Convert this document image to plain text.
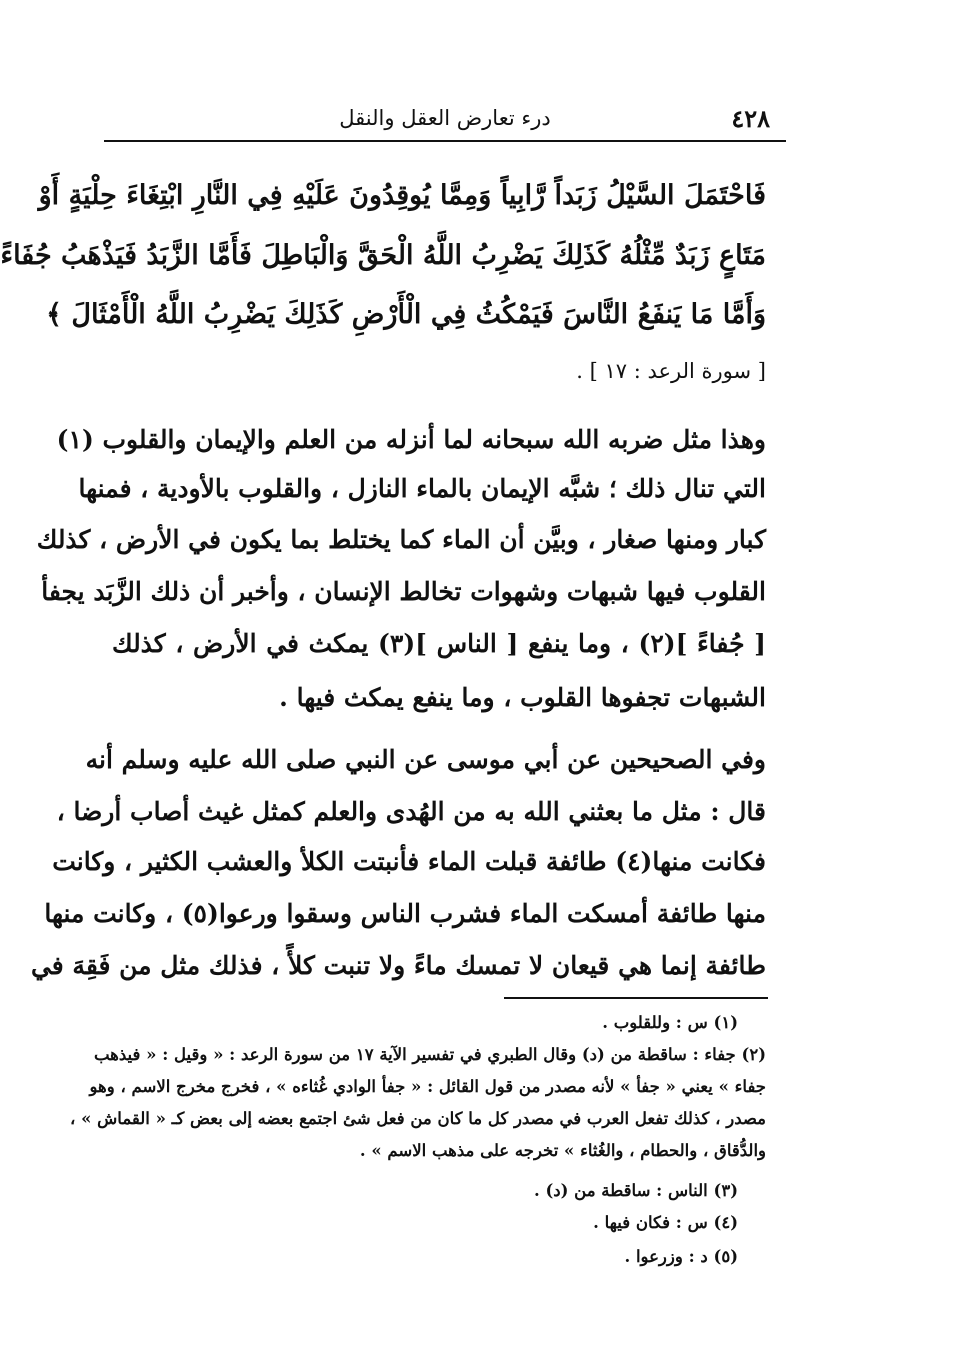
٤٢٨
درء تعارض العقل والنقل
فَاحْتَمَلَ السَّيْلُ زَبَداً رَّابِياً وَمِمَّا يُوقِدُونَ عَلَيْهِ فِي النَّارِ ابْتِغَاءَ حِلْيَةٍ أَوْ
مَتَاعٍ زَبَدٌ مِّثْلُهُ كَذَلِكَ يَضْرِبُ اللَّهُ الْحَقَّ وَالْبَاطِلَ فَأَمَّا الزَّبَدُ فَيَذْهَبُ جُفَاءً
وَأَمَّا مَا يَنفَعُ النَّاسَ فَيَمْكُثُ فِي الْأَرْضِ كَذَلِكَ يَضْرِبُ اللَّهُ الْأَمْثَالَ ﴾
[ سورة الرعد : ١٧ ] .
وهذا مثل ضربه الله سبحانه لما أنزله من العلم والإيمان والقلوب (١)
التي تنال ذلك ؛ شبَّه الإيمان بالماء النازل ، والقلوب بالأودية ، فمنها
كبار ومنها صغار ، وبيَّن أن الماء كما يختلط بما يكون في الأرض ، كذلك
القلوب فيها شبهات وشهوات تخالط الإنسان ، وأخبر أن ذلك الزَّبَد يجفأ
[ جُفاءً ](٢) ، وما ينفع [ الناس ](٣) يمكث في الأرض ، كذلك
الشبهات تجفوها القلوب ، وما ينفع يمكث فيها .
وفي الصحيحين عن أبي موسى عن النبي صلى الله عليه وسلم أنه
قال : مثل ما بعثني الله به من الهُدى والعلم كمثل غيث أصاب أرضا ،
فكانت منها(٤) طائفة قبلت الماء فأنبتت الكلأ والعشب الكثير ، وكانت
منها طائفة أمسكت الماء فشرب الناس وسقوا ورعوا(٥) ، وكانت منها
طائفة إنما هي قيعان لا تمسك ماءً ولا تنبت كلأً ، فذلك مثل من فَقِهَ في
(١) س : وللقلوب .
(٢) جفاء : ساقطة من (د) وقال الطبري في تفسير الآية ١٧ من سورة الرعد : « وقيل : « فيذهب
جفاء » يعني « جفأ » لأنه مصدر من قول القائل : « جفأ الوادي غُثاءه » ، فخرج مخرج الاسم ، وهو
مصدر ، كذلك تفعل العرب في مصدر كل ما كان من فعل شئ اجتمع بعضه إلى بعض كـ « القماش » ،
والدُّقاق ، والحطام ، والغُثاء » تخرجه على مذهب الاسم » .
(٣) الناس : ساقطة من (د) .
(٤) س : فكان فيها .
(٥) د : وزرعوا .
